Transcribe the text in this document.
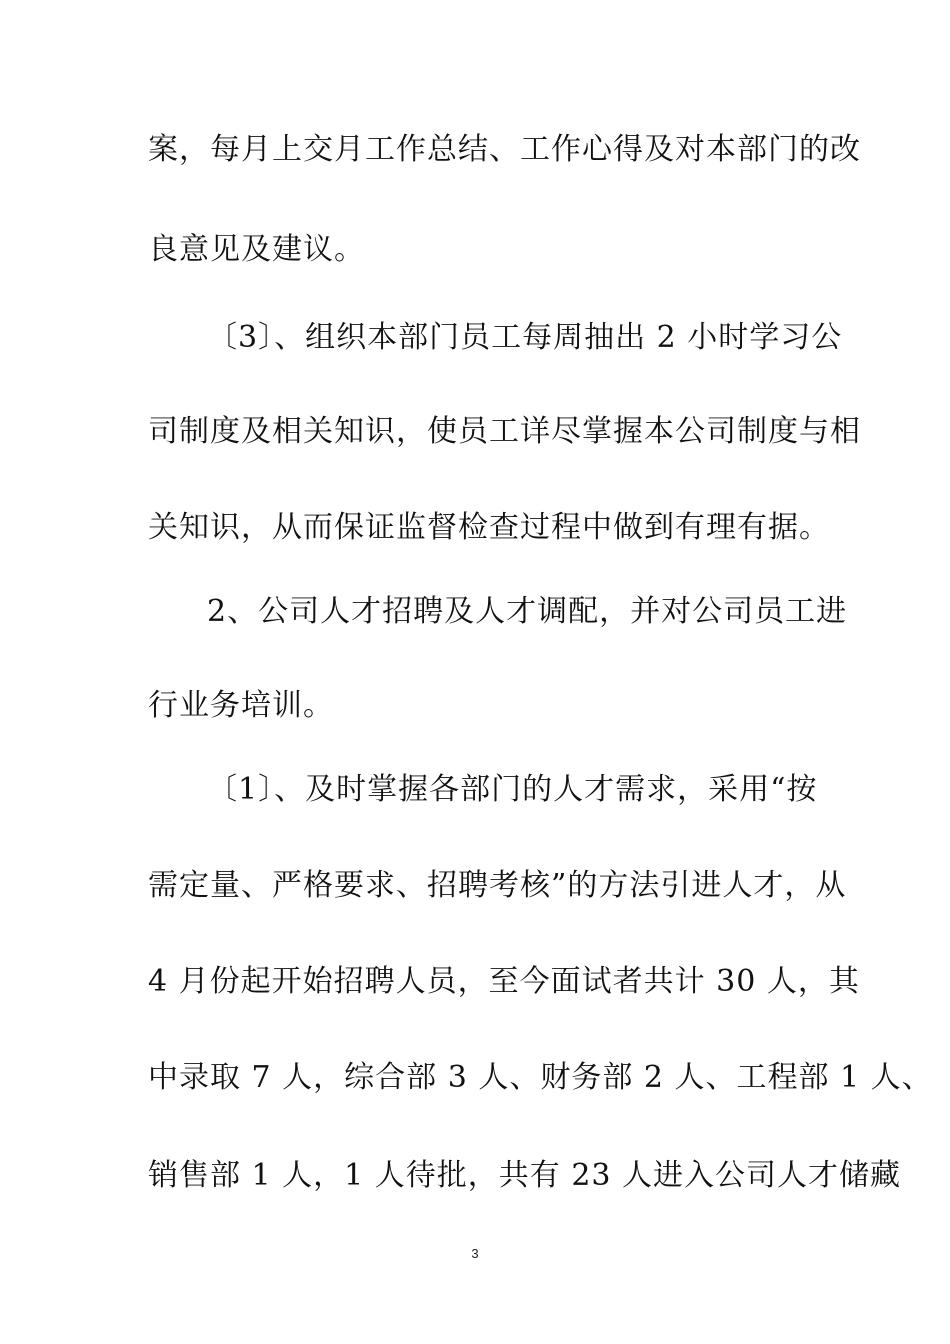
案，每月上交月工作总结、工作心得及对本部门的改
良意见及建议。
〔3〕、组织本部门员工每周抽出 2 小时学习公
司制度及相关知识，使员工详尽掌握本公司制度与相
关知识，从而保证监督检查过程中做到有理有据。
2、公司人才招聘及人才调配，并对公司员工进
行业务培训。
〔1〕、及时掌握各部门的人才需求，采用“按
需定量、严格要求、招聘考核”的方法引进人才，从
4 月份起开始招聘人员，至今面试者共计 30 人，其
中录取 7 人，综合部 3 人、财务部 2 人、工程部 1 人、
销售部 1 人，1 人待批，共有 23 人进入公司人才储藏
3
